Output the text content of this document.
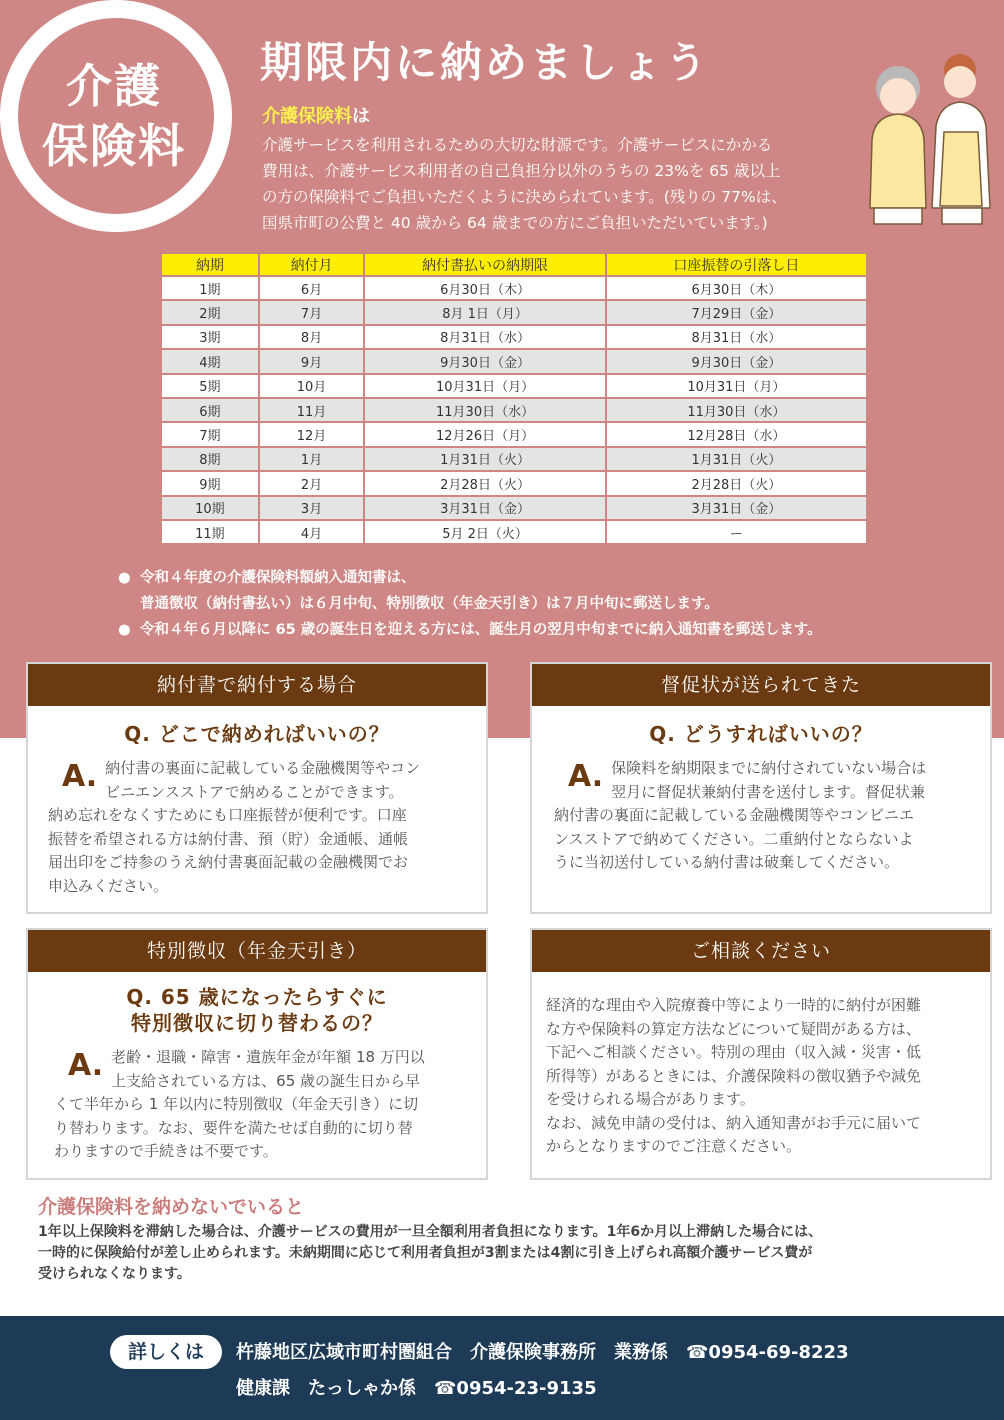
介護
保険料
期限内に納めましょう
介護保険料は
介護サービスを利用されるための大切な財源です。介護サービスにかかる
費用は、介護サービス利用者の自己負担分以外のうちの 23%を 65 歳以上
の方の保険料でご負担いただくように決められています。(残りの 77%は、
国県市町の公費と 40 歳から 64 歳までの方にご負担いただいています。)
納期	納付月	納付書払いの納期限	口座振替の引落し日
1期	6月	6月30日（木）	6月30日（木）
2期	7月	8月 1日（月）	7月29日（金）
3期	8月	8月31日（水）	8月31日（水）
4期	9月	9月30日（金）	9月30日（金）
5期	10月	10月31日（月）	10月31日（月）
6期	11月	11月30日（水）	11月30日（水）
7期	12月	12月26日（月）	12月28日（水）
8期	1月	1月31日（火）	1月31日（火）
9期	2月	2月28日（火）	2月28日（火）
10期	3月	3月31日（金）	3月31日（金）
11期	4月	5月 2日（火）	ー
● 令和４年度の介護保険料額納入通知書は、
普通徴収（納付書払い）は６月中旬、特別徴収（年金天引き）は７月中旬に郵送します。
● 令和４年６月以降に 65 歳の誕生日を迎える方には、誕生月の翌月中旬までに納入通知書を郵送します。
納付書で納付する場合
Q. どこで納めればいいの？
A. 納付書の裏面に記載している金融機関等やコン
ビニエンスストアで納めることができます。
納め忘れをなくすためにも口座振替が便利です。口座
振替を希望される方は納付書、預（貯）金通帳、通帳
届出印をご持参のうえ納付書裏面記載の金融機関でお
申込みください。
督促状が送られてきた
Q. どうすればいいの？
A. 保険料を納期限までに納付されていない場合は
翌月に督促状兼納付書を送付します。督促状兼
納付書の裏面に記載している金融機関等やコンビニエ
ンスストアで納めてください。二重納付とならないよ
うに当初送付している納付書は破棄してください。
特別徴収（年金天引き）
Q. 65 歳になったらすぐに
特別徴収に切り替わるの？
A. 老齢・退職・障害・遺族年金が年額 18 万円以
上支給されている方は、65 歳の誕生日から早
くて半年から 1 年以内に特別徴収（年金天引き）に切
り替わります。なお、要件を満たせば自動的に切り替
わりますので手続きは不要です。
ご相談ください
経済的な理由や入院療養中等により一時的に納付が困難
な方や保険料の算定方法などについて疑問がある方は、
下記へご相談ください。特別の理由（収入減・災害・低
所得等）があるときには、介護保険料の徴収猶予や減免
を受けられる場合があります。
なお、減免申請の受付は、納入通知書がお手元に届いて
からとなりますのでご注意ください。
介護保険料を納めないでいると
1年以上保険料を滞納した場合は、介護サービスの費用が一旦全額利用者負担になります。1年6か月以上滞納した場合には、
一時的に保険給付が差し止められます。未納期間に応じて利用者負担が3割または4割に引き上げられ高額介護サービス費が
受けられなくなります。
詳しくは	杵藤地区広域市町村圏組合　介護保険事務所　業務係　☎0954-69-8223
健康課　たっしゃか係　☎0954-23-9135
